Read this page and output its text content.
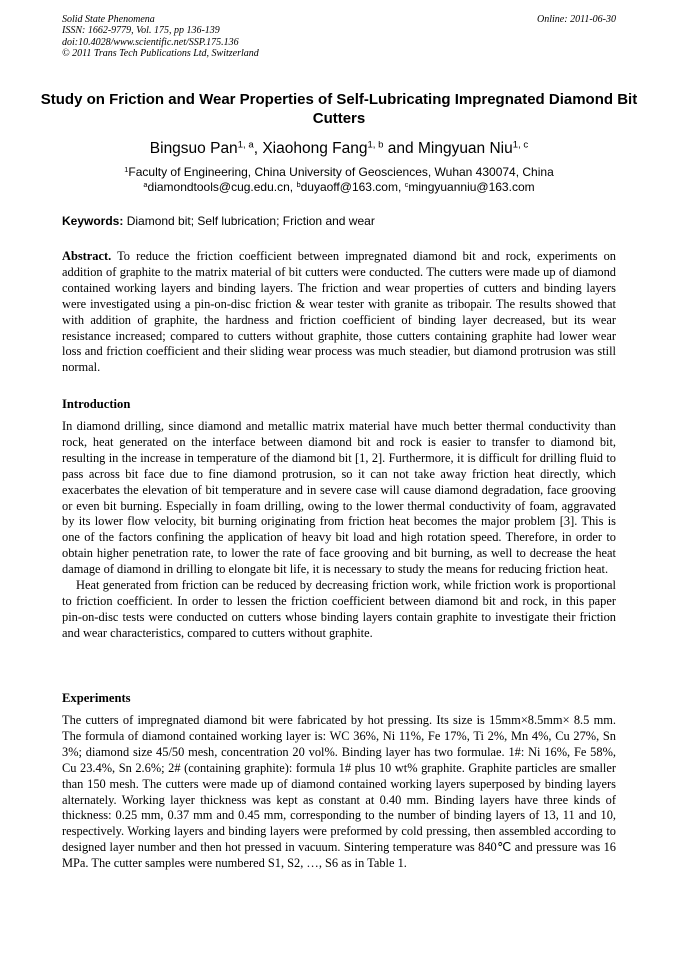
Solid State Phenomena
ISSN: 1662-9779, Vol. 175, pp 136-139
doi:10.4028/www.scientific.net/SSP.175.136
© 2011 Trans Tech Publications Ltd, Switzerland
Online: 2011-06-30
Study on Friction and Wear Properties of Self-Lubricating Impregnated Diamond Bit Cutters
Bingsuo Pan$^{1, a}$, Xiaohong Fang$^{1, b}$ and Mingyuan Niu$^{1, c}$
$^1$Faculty of Engineering, China University of Geosciences, Wuhan 430074, China
$^a$diamondtools@cug.edu.cn, $^b$duyaoff@163.com, $^c$mingyuanniu@163.com
Keywords: Diamond bit; Self lubrication; Friction and wear
Abstract. To reduce the friction coefficient between impregnated diamond bit and rock, experiments on addition of graphite to the matrix material of bit cutters were conducted. The cutters were made up of diamond contained working layers and binding layers. The friction and wear properties of cutters and binding layers were investigated using a pin-on-disc friction & wear tester with granite as tribopair. The results showed that with addition of graphite, the hardness and friction coefficient of binding layer decreased, but its wear resistance increased; compared to cutters without graphite, those cutters containing graphite had lower wear loss and friction coefficient and their sliding wear process was much steadier, but diamond protrusion was still normal.
Introduction

In diamond drilling, since diamond and metallic matrix material have much better thermal conductivity than rock, heat generated on the interface between diamond bit and rock is easier to transfer to diamond bit, resulting in the increase in temperature of the diamond bit [1, 2]. Furthermore, it is difficult for drilling fluid to pass across bit face due to fine diamond protrusion, so it can not take away friction heat directly, which exacerbates the elevation of bit temperature and in severe case will cause diamond degradation, face grooving or even bit burning. Especially in foam drilling, owing to the lower thermal conductivity of foam, aggravated by its lower flow velocity, bit burning originating from friction heat becomes the major problem [3]. This is one of the factors confining the application of heavy bit load and high rotation speed. Therefore, in order to obtain higher penetration rate, to lower the rate of face grooving and bit burning, as well to decrease the heat damage of diamond in drilling to elongate bit life, it is necessary to study the means for reducing friction heat.

Heat generated from friction can be reduced by decreasing friction work, while friction work is proportional to friction coefficient. In order to lessen the friction coefficient between diamond bit and rock, in this paper pin-on-disc tests were conducted on cutters whose binding layers contain graphite to investigate their friction and wear characteristics, compared to cutters without graphite.

Experiments
The cutters of impregnated diamond bit were fabricated by hot pressing. Its size is 15mm×8.5mm× 8.5 mm. The formula of diamond contained working layer is: WC 36%, Ni 11%, Fe 17%, Ti 2%, Mn 4%, Cu 27%, Sn 3%; diamond size 45/50 mesh, concentration 20 vol%. Binding layer has two formulae. 1#: Ni 16%, Fe 58%, Cu 23.4%, Sn 2.6%; 2# (containing graphite): formula 1# plus 10 wt% graphite. Graphite particles are smaller than 150 mesh. The cutters were made up of diamond contained working layers superposed by binding layers alternately. Working layer thickness was kept as constant at 0.40 mm. Binding layers have three kinds of thickness: 0.25 mm, 0.37 mm and 0.45 mm, corresponding to the number of binding layers of 13, 11 and 10, respectively. Working layers and binding layers were preformed by cold pressing, then assembled according to designed layer number and then hot pressed in vacuum. Sintering temperature was 840℃ and pressure was 16 MPa. The cutter samples were numbered S1, S2, …, S6 as in Table 1.
